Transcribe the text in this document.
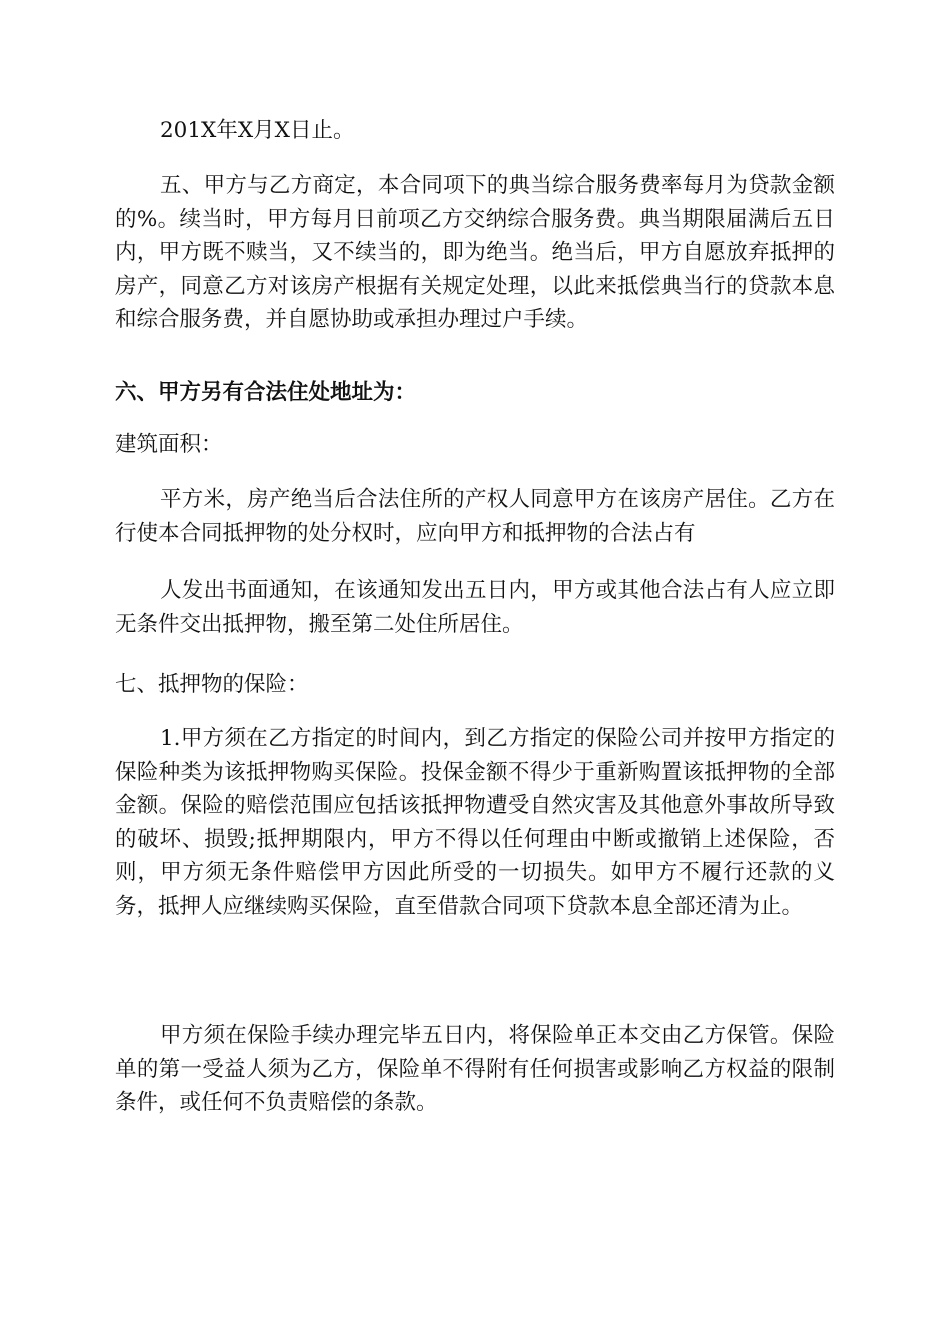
201X年X月X日止。

五、甲方与乙方商定，本合同项下的典当综合服务费率每月为贷款金额的%。续当时，甲方每月日前项乙方交纳综合服务费。典当期限届满后五日内，甲方既不赎当，又不续当的，即为绝当。绝当后，甲方自愿放弃抵押的房产，同意乙方对该房产根据有关规定处理，以此来抵偿典当行的贷款本息和综合服务费，并自愿协助或承担办理过户手续。

六、甲方另有合法住处地址为：

建筑面积：

平方米，房产绝当后合法住所的产权人同意甲方在该房产居住。乙方在行使本合同抵押物的处分权时，应向甲方和抵押物的合法占有

人发出书面通知，在该通知发出五日内，甲方或其他合法占有人应立即无条件交出抵押物，搬至第二处住所居住。

七、抵押物的保险：

1.甲方须在乙方指定的时间内，到乙方指定的保险公司并按甲方指定的保险种类为该抵押物购买保险。投保金额不得少于重新购置该抵押物的全部金额。保险的赔偿范围应包括该抵押物遭受自然灾害及其他意外事故所导致的破坏、损毁;抵押期限内，甲方不得以任何理由中断或撤销上述保险，否则，甲方须无条件赔偿甲方因此所受的一切损失。如甲方不履行还款的义务，抵押人应继续购买保险，直至借款合同项下贷款本息全部还清为止。

甲方须在保险手续办理完毕五日内，将保险单正本交由乙方保管。保险单的第一受益人须为乙方，保险单不得附有任何损害或影响乙方权益的限制条件，或任何不负责赔偿的条款。
